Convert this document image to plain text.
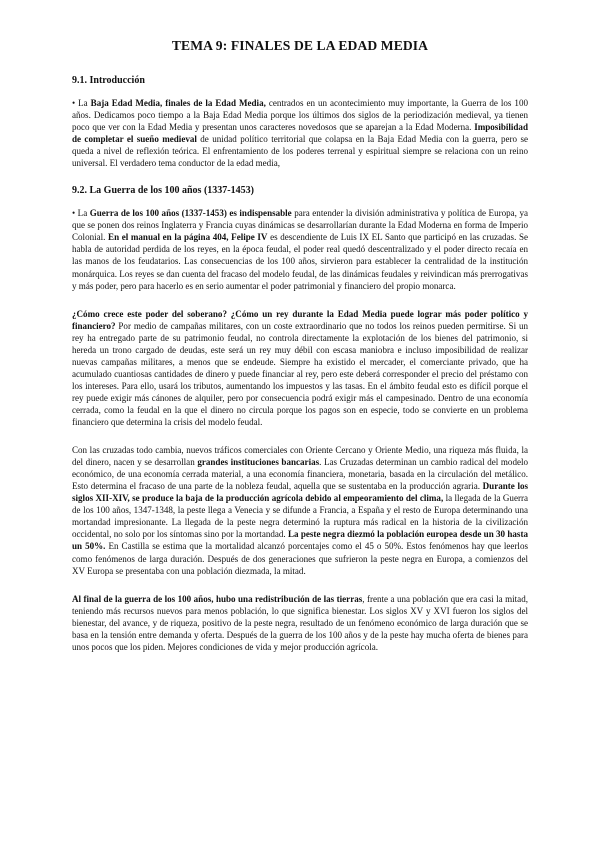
TEMA 9: FINALES DE LA EDAD MEDIA
9.1. Introducción

• La Baja Edad Media, finales de la Edad Media, centrados en un acontecimiento muy importante, la Guerra de los 100 años. Dedicamos poco tiempo a la Baja Edad Media porque los últimos dos siglos de la periodización medieval, ya tienen poco que ver con la Edad Media y presentan unos caracteres novedosos que se aparejan a la Edad Moderna. Imposibilidad de completar el sueño medieval de unidad político territorial que colapsa en la Baja Edad Media con la guerra, pero se queda a nivel de reflexión teórica. El enfrentamiento de los poderes terrenal y espiritual siempre se relaciona con un reino universal. El verdadero tema conductor de la edad media,

9.2. La Guerra de los 100 años (1337-1453)

• La Guerra de los 100 años (1337-1453) es indispensable para entender la división administrativa y política de Europa, ya que se ponen dos reinos Inglaterra y Francia cuyas dinámicas se desarrollarían durante la Edad Moderna en forma de Imperio Colonial. En el manual en la página 404, Felipe IV es descendiente de Luis IX EL Santo que participó en las cruzadas. Se habla de autoridad perdida de los reyes, en la época feudal, el poder real quedó descentralizado y el poder directo recaía en las manos de los feudatarios. Las consecuencias de los 100 años, sirvieron para establecer la centralidad de la institución monárquica. Los reyes se dan cuenta del fracaso del modelo feudal, de las dinámicas feudales y reivindican más prerrogativas y más poder, pero para hacerlo es en serio aumentar el poder patrimonial y financiero del propio monarca.

¿Cómo crece este poder del soberano? ¿Cómo un rey durante la Edad Media puede lograr más poder político y financiero? Por medio de campañas militares, con un coste extraordinario que no todos los reinos pueden permitirse. Si un rey ha entregado parte de su patrimonio feudal, no controla directamente la explotación de los bienes del patrimonio, si hereda un trono cargado de deudas, este será un rey muy débil con escasa maniobra e incluso imposibilidad de realizar nuevas campañas militares, a menos que se endeude. Siempre ha existido el mercader, el comerciante privado, que ha acumulado cuantiosas cantidades de dinero y puede financiar al rey, pero este deberá corresponder el precio del préstamo con los intereses. Para ello, usará los tributos, aumentando los impuestos y las tasas. En el ámbito feudal esto es difícil porque el rey puede exigir más cánones de alquiler, pero por consecuencia podrá exigir más el campesinado. Dentro de una economía cerrada, como la feudal en la que el dinero no circula porque los pagos son en especie, todo se convierte en un problema financiero que determina la crisis del modelo feudal.

Con las cruzadas todo cambia, nuevos tráficos comerciales con Oriente Cercano y Oriente Medio, una riqueza más fluida, la del dinero, nacen y se desarrollan grandes instituciones bancarias. Las Cruzadas determinan un cambio radical del modelo económico, de una economía cerrada material, a una economía financiera, monetaria, basada en la circulación del metálico. Esto determina el fracaso de una parte de la nobleza feudal, aquella que se sustentaba en la producción agraria. Durante los siglos XII-XIV, se produce la baja de la producción agrícola debido al empeoramiento del clima, la llegada de la Guerra de los 100 años, 1347-1348, la peste llega a Venecia y se difunde a Francia, a España y el resto de Europa determinando una mortandad impresionante. La llegada de la peste negra determinó la ruptura más radical en la historia de la civilización occidental, no solo por los síntomas sino por la mortandad. La peste negra diezmó la población europea desde un 30 hasta un 50%. En Castilla se estima que la mortalidad alcanzó porcentajes como el 45 o 50%. Estos fenómenos hay que leerlos como fenómenos de larga duración. Después de dos generaciones que sufrieron la peste negra en Europa, a comienzos del XV Europa se presentaba con una población diezmada, la mitad.

Al final de la guerra de los 100 años, hubo una redistribución de las tierras, frente a una población que era casi la mitad, teniendo más recursos nuevos para menos población, lo que significa bienestar. Los siglos XV y XVI fueron los siglos del bienestar, del avance, y de riqueza, positivo de la peste negra, resultado de un fenómeno económico de larga duración que se basa en la tensión entre demanda y oferta. Después de la guerra de los 100 años y de la peste hay mucha oferta de bienes para unos pocos que los piden. Mejores condiciones de vida y mejor producción agrícola.
